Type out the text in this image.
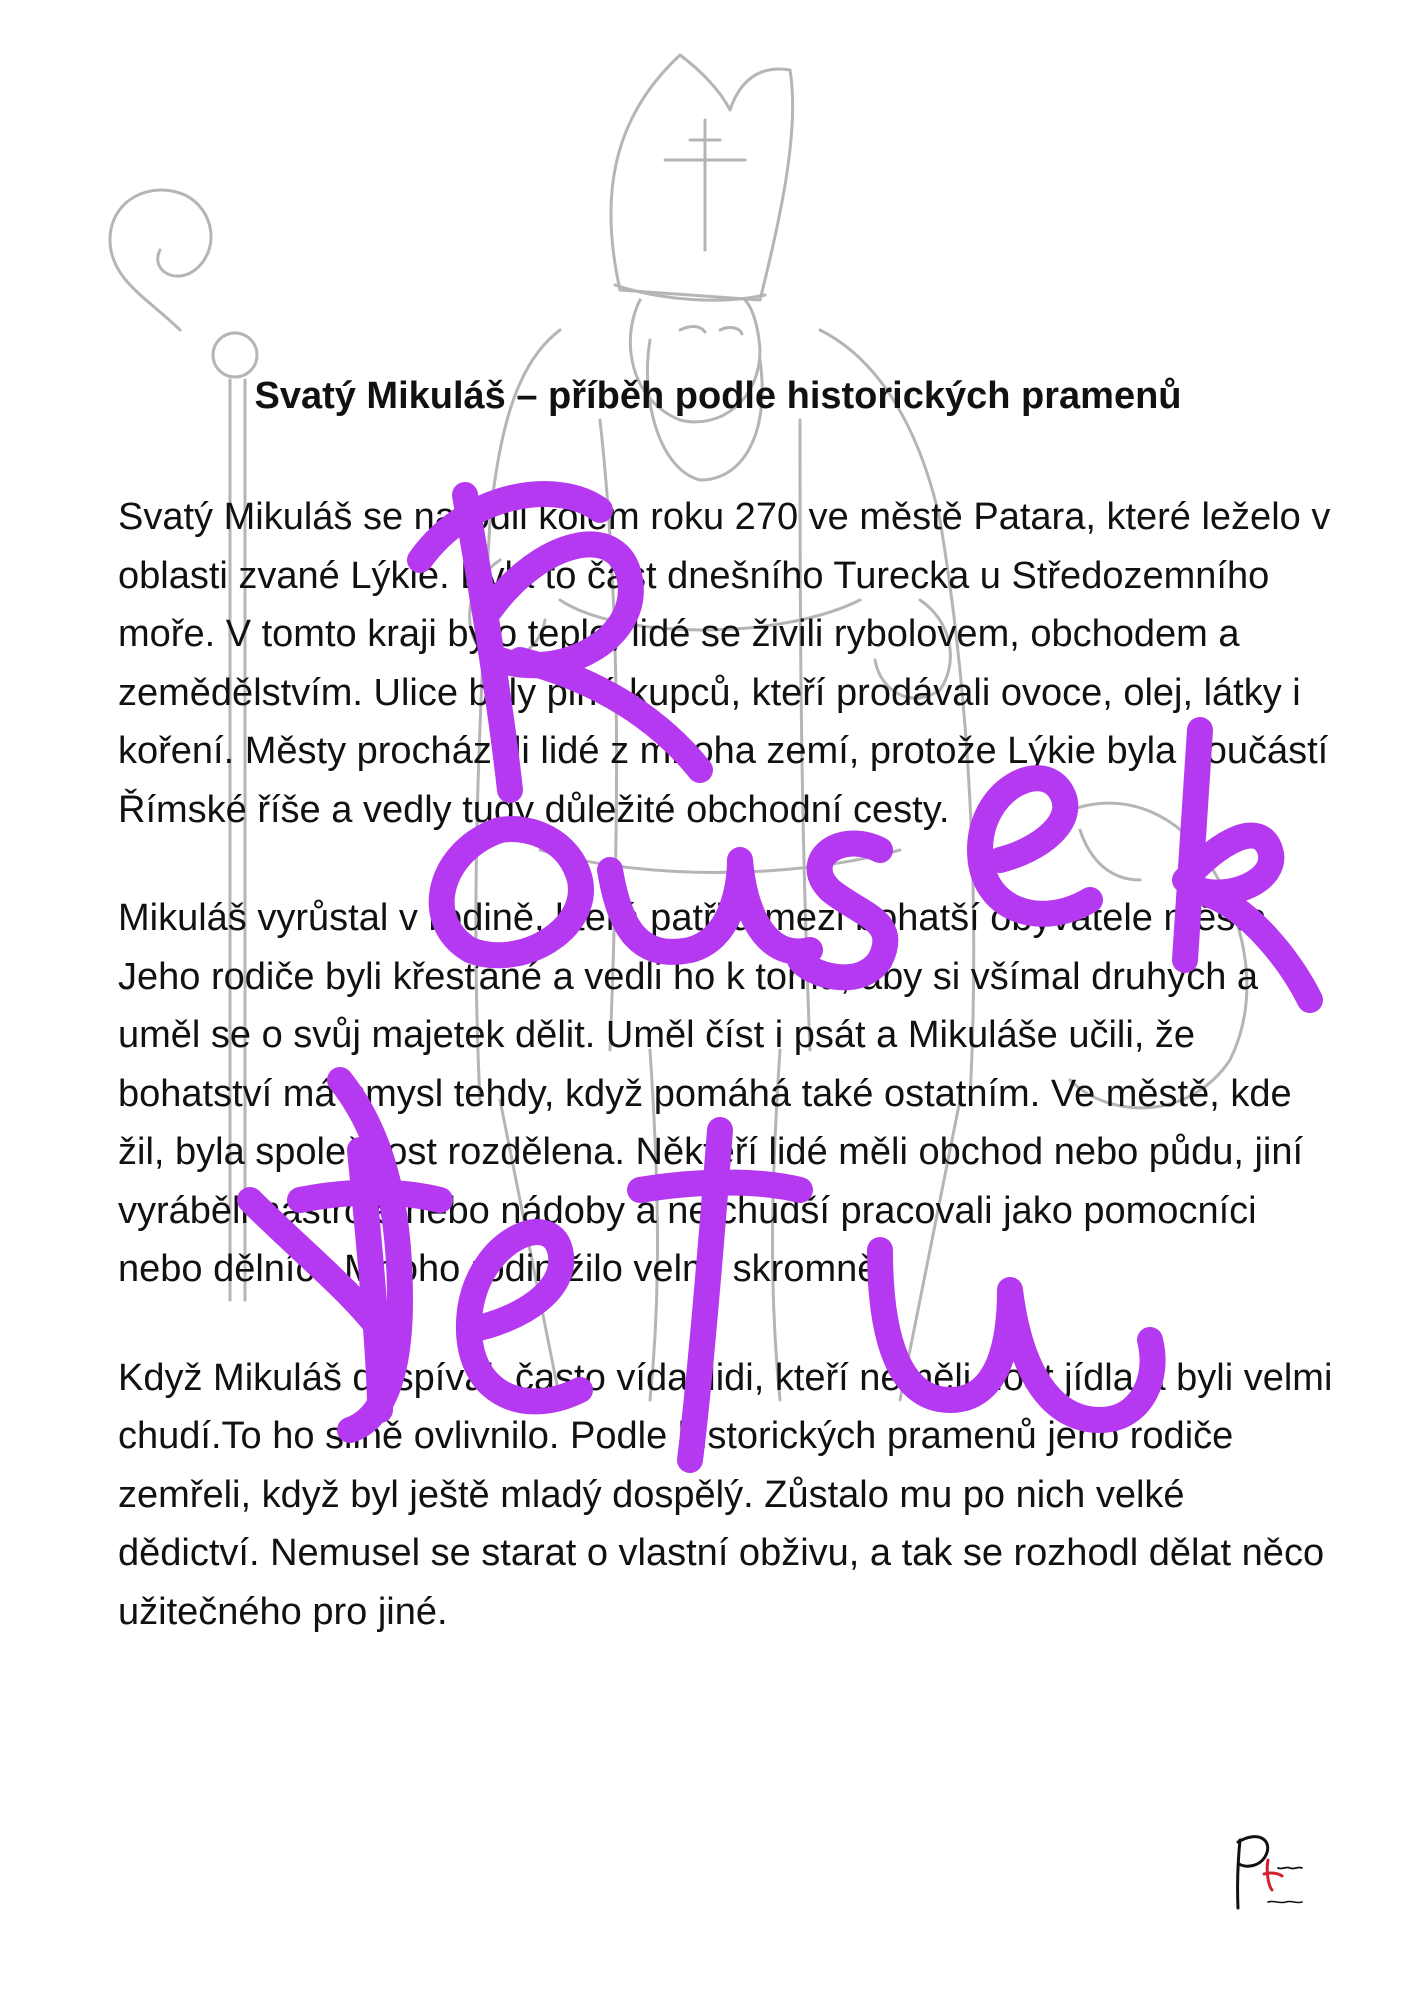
Svatý Mikuláš – příběh podle historických pramenů

Svatý Mikuláš se narodil kolem roku 270 ve městě Patara, které leželo v oblasti zvané Lýkie. Byla to část dnešního Turecka u Středozemního moře. V tomto kraji bylo teplo, lidé se živili rybolovem, obchodem a zemědělstvím. Ulice byly plné kupců, kteří prodávali ovoce, olej, látky i koření. Městy procházeli lidé z mnoha zemí, protože Lýkie byla součástí Římské říše a vedly tudy důležité obchodní cesty.

Mikuláš vyrůstal v rodině, která patřila mezi bohatší obyvatele města. Jeho rodiče byli křesťané a vedli ho k tomu, aby si všímal druhých a uměl se o svůj majetek dělit. Uměl číst i psát a Mikuláše učili, že bohatství má smysl tehdy, když pomáhá také ostatním. Ve městě, kde žil, byla společnost rozdělena. Někteří lidé měli obchod nebo půdu, jiní vyráběli nástroje nebo nádoby a nejchudší pracovali jako pomocníci nebo dělníci. Mnoho rodin žilo velmi skromně.

Když Mikuláš dospíval, často vídal lidi, kteří neměli dost jídla a byli velmi chudí.To ho silně ovlivnilo. Podle historických pramenů jeho rodiče zemřeli, když byl ještě mladý dospělý. Zůstalo mu po nich velké dědictví. Nemusel se starat o vlastní obživu, a tak se rozhodl dělat něco užitečného pro jiné.
